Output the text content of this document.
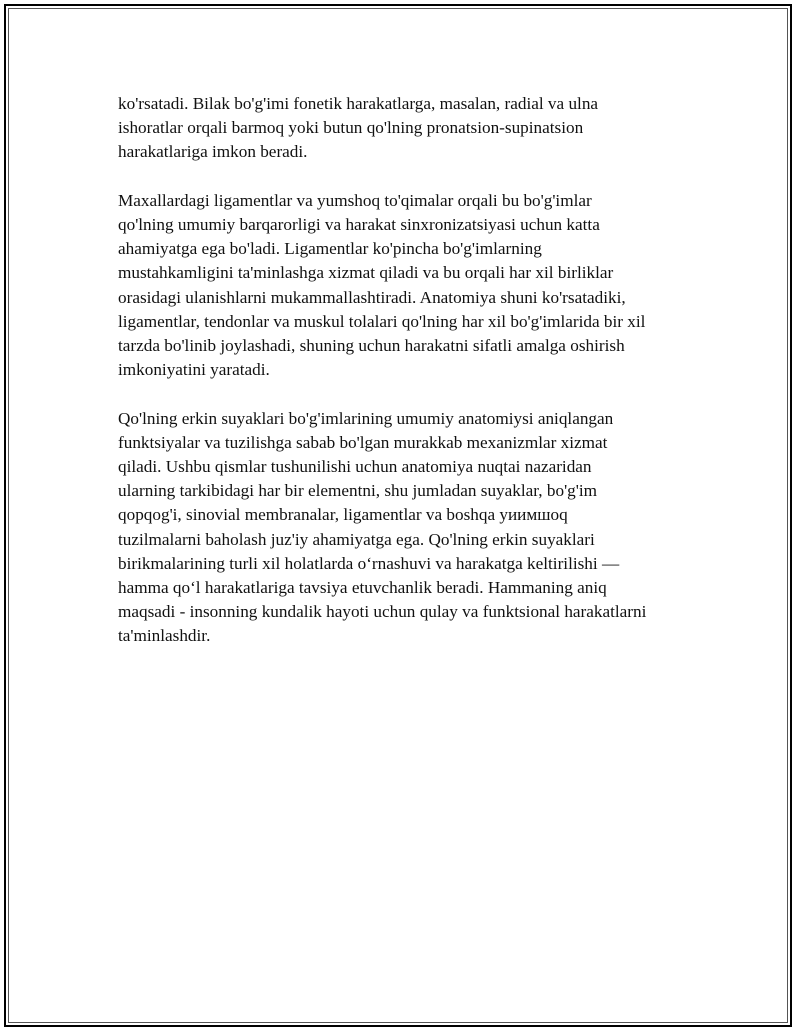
ko'rsatadi. Bilak bo'g'imi fonetik harakatlarga, masalan, radial va ulna
ishoratlar orqali barmoq yoki butun qo'lning pronatsion-supinatsion
harakatlariga imkon beradi.

Maxallardagi ligamentlar va yumshoq to'qimalar orqali bu bo'g'imlar
qo'lning umumiy barqarorligi va harakat sinxronizatsiyasi uchun katta
ahamiyatga ega bo'ladi. Ligamentlar ko'pincha bo'g'imlarning
mustahkamligini ta'minlashga xizmat qiladi va bu orqali har xil birliklar
orasidagi ulanishlarni mukammallashtiradi. Anatomiya shuni ko'rsatadiki,
ligamentlar, tendonlar va muskul tolalari qo'lning har xil bo'g'imlarida bir xil
tarzda bo'linib joylashadi, shuning uchun harakatni sifatli amalga oshirish
imkoniyatini yaratadi.

Qo'lning erkin suyaklari bo'g'imlarining umumiy anatomiysi aniqlangan
funktsiyalar va tuzilishga sabab bo'lgan murakkab mexanizmlar xizmat
qiladi. Ushbu qismlar tushunilishi uchun anatomiya nuqtai nazaridan
ularning tarkibidagi har bir elementni, shu jumladan suyaklar, bo'g'im
qopqog'i, sinovial membranalar, ligamentlar va boshqa уиимшоq
tuzilmalarni baholash juz'iy ahamiyatga ega. Qo'lning erkin suyaklari
birikmalarining turli xil holatlarda o‘rnashuvi va harakatga keltirilishi —
hamma qo‘l harakatlariga tavsiya etuvchanlik beradi. Hammaning aniq
maqsadi - insonning kundalik hayoti uchun qulay va funktsional harakatlarni
ta'minlashdir.
